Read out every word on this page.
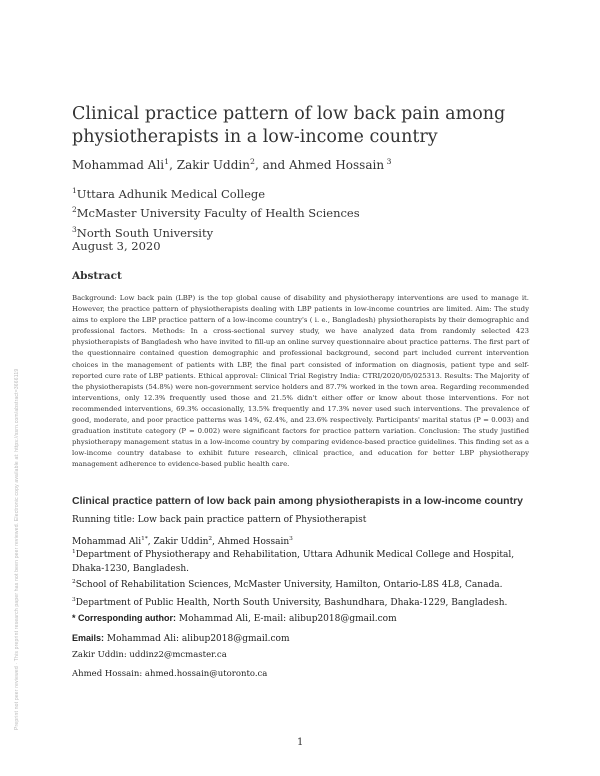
Preprint not peer reviewed · This preprint research paper has not been peer reviewed. Electronic copy available at: https://ssrn.com/abstract=3666119
Clinical practice pattern of low back pain among physiotherapists in a low-income country
Mohammad Ali$^1$, Zakir Uddin$^2$, and Ahmed Hossain $^3$
$^1$Uttara Adhunik Medical College
$^2$McMaster University Faculty of Health Sciences
$^3$North South University
August 3, 2020
Abstract

Background: Low back pain (LBP) is the top global cause of disability and physiotherapy interventions are used to manage it. However, the practice pattern of physiotherapists dealing with LBP patients in low-income countries are limited. Aim: The study aims to explore the LBP practice pattern of a low-income country's ( i. e., Bangladesh) physiotherapists by their demographic and professional factors. Methods: In a cross-sectional survey study, we have analyzed data from randomly selected 423 physiotherapists of Bangladesh who have invited to fill-up an online survey questionnaire about practice patterns. The first part of the questionnaire contained question demographic and professional background, second part included current intervention choices in the management of patients with LBP, the final part consisted of information on diagnosis, patient type and self-reported cure rate of LBP patients. Ethical approval: Clinical Trial Registry India: CTRI/2020/05/025313. Results: The Majority of the physiotherapists (54.8%) were non-government service holders and 87.7% worked in the town area. Regarding recommended interventions, only 12.3% frequently used those and 21.5% didn't either offer or know about those interventions. For not recommended interventions, 69.3% occasionally, 13.5% frequently and 17.3% never used such interventions. The prevalence of good, moderate, and poor practice patterns was 14%, 62.4%, and 23.6% respectively. Participants' marital status (P = 0.003) and graduation institute category (P = 0.002) were significant factors for practice pattern variation. Conclusion: The study justified physiotherapy management status in a low-income country by comparing evidence-based practice guidelines. This finding set as a low-income country database to exhibit future research, clinical practice, and education for better LBP physiotherapy management adherence to evidence-based public health care.

Clinical practice pattern of low back pain among physiotherapists in a low-income country
Running title: Low back pain practice pattern of Physiotherapist
Mohammad Ali$^{1*}$, Zakir Uddin$^2$, Ahmed Hossain$^3$
$^1$Department of Physiotherapy and Rehabilitation, Uttara Adhunik Medical College and Hospital, Dhaka-1230, Bangladesh.
$^2$School of Rehabilitation Sciences, McMaster University, Hamilton, Ontario-L8S 4L8, Canada.
$^3$Department of Public Health, North South University, Bashundhara, Dhaka-1229, Bangladesh.
* Corresponding author: Mohammad Ali, E-mail: alibup2018@gmail.com
Emails: Mohammad Ali: alibup2018@gmail.com
Zakir Uddin: uddinz2@mcmaster.ca
Ahmed Hossain: ahmed.hossain@utoronto.ca
1
